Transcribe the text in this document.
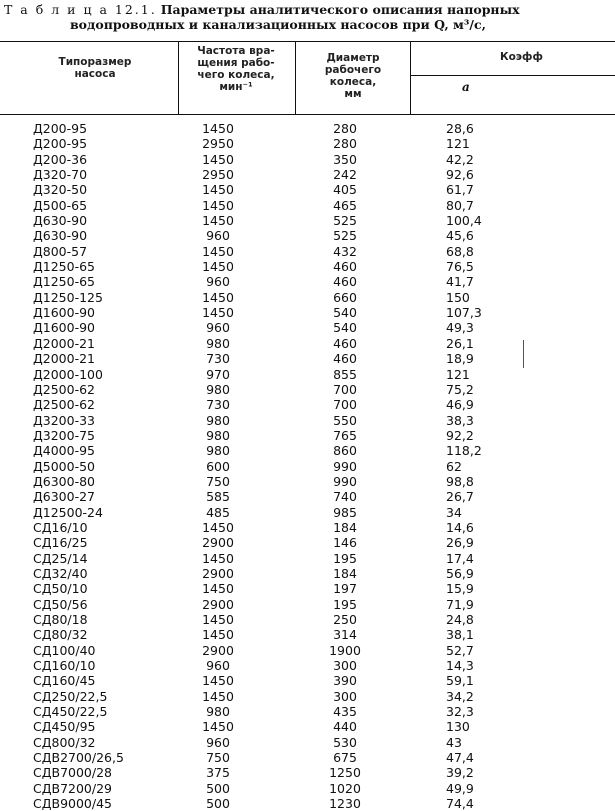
Т а б л и ц а 12.1. Параметры аналитического описания напорных
водопроводных и канализационных насосов при Q, м³/с,
Типоразмер
насоса
Частота вра-
щения рабо-
чего колеса,
мин⁻¹
Диаметр
рабочего
колеса,
мм
Коэфф
a
Д200-95	1450	280	28,6
Д200-95	2950	280	121
Д200-36	1450	350	42,2
Д320-70	2950	242	92,6
Д320-50	1450	405	61,7
Д500-65	1450	465	80,7
Д630-90	1450	525	100,4
Д630-90	960	525	45,6
Д800-57	1450	432	68,8
Д1250-65	1450	460	76,5
Д1250-65	960	460	41,7
Д1250-125	1450	660	150
Д1600-90	1450	540	107,3
Д1600-90	960	540	49,3
Д2000-21	980	460	26,1
Д2000-21	730	460	18,9
Д2000-100	970	855	121
Д2500-62	980	700	75,2
Д2500-62	730	700	46,9
Д3200-33	980	550	38,3
Д3200-75	980	765	92,2
Д4000-95	980	860	118,2
Д5000-50	600	990	62
Д6300-80	750	990	98,8
Д6300-27	585	740	26,7
Д12500-24	485	985	34
СД16/10	1450	184	14,6
СД16/25	2900	146	26,9
СД25/14	1450	195	17,4
СД32/40	2900	184	56,9
СД50/10	1450	197	15,9
СД50/56	2900	195	71,9
СД80/18	1450	250	24,8
СД80/32	1450	314	38,1
СД100/40	2900	1900	52,7
СД160/10	960	300	14,3
СД160/45	1450	390	59,1
СД250/22,5	1450	300	34,2
СД450/22,5	980	435	32,3
СД450/95	1450	440	130
СД800/32	960	530	43
СДВ2700/26,5	750	675	47,4
СДВ7000/28	375	1250	39,2
СДВ7200/29	500	1020	49,9
СДВ9000/45	500	1230	74,4
